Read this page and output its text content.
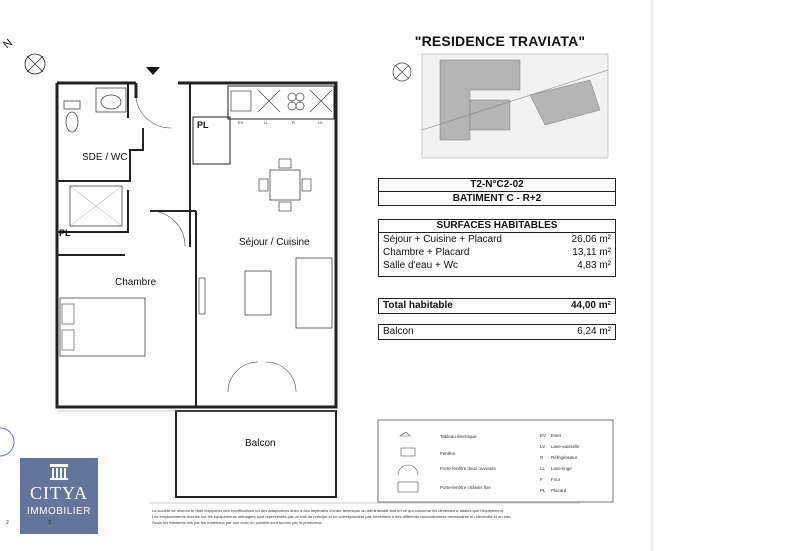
N
SDE / WC
Séjour / Cuisine
Chambre
Balcon
PL
PL
EV	LL	R	LV
"RESIDENCE TRAVIATA"
T2-N°C2-02
BATIMENT C - R+2
SURFACES HABITABLES
Séjour + Cuisine + Placard	26,06 m²
Chambre + Placard	13,11 m²
Salle d'eau + Wc	4,83 m²
Total habitable	44,00 m²
Balcon	6,24 m²
Tableau électrique
Fenêtre
Porte-fenêtre deux ouvrants
Porte-fenêtre châssis fixe
EV Evier
LV Lave-vaisselle
R Réfrigérateur
LL Lave-linge
F Four
PL Placard
La société se réserve le droit d'apporter des modifications ou des adaptations dues à des impératifs d'ordre technique ou administratif tant en ce qui concerne les dimensions totales que l'équipement.
Les emplacements donnés sur les équipements ménagers sont représentés par un trait de principe et ne correspondent pas forcément à des différents raccordements nécessaires en électricité et en eau.
Seuls les éléments mis par les matériaux par une croix en pointillé sont fournis par le promoteur.
CITYA
IMMOBILIER
2	3
